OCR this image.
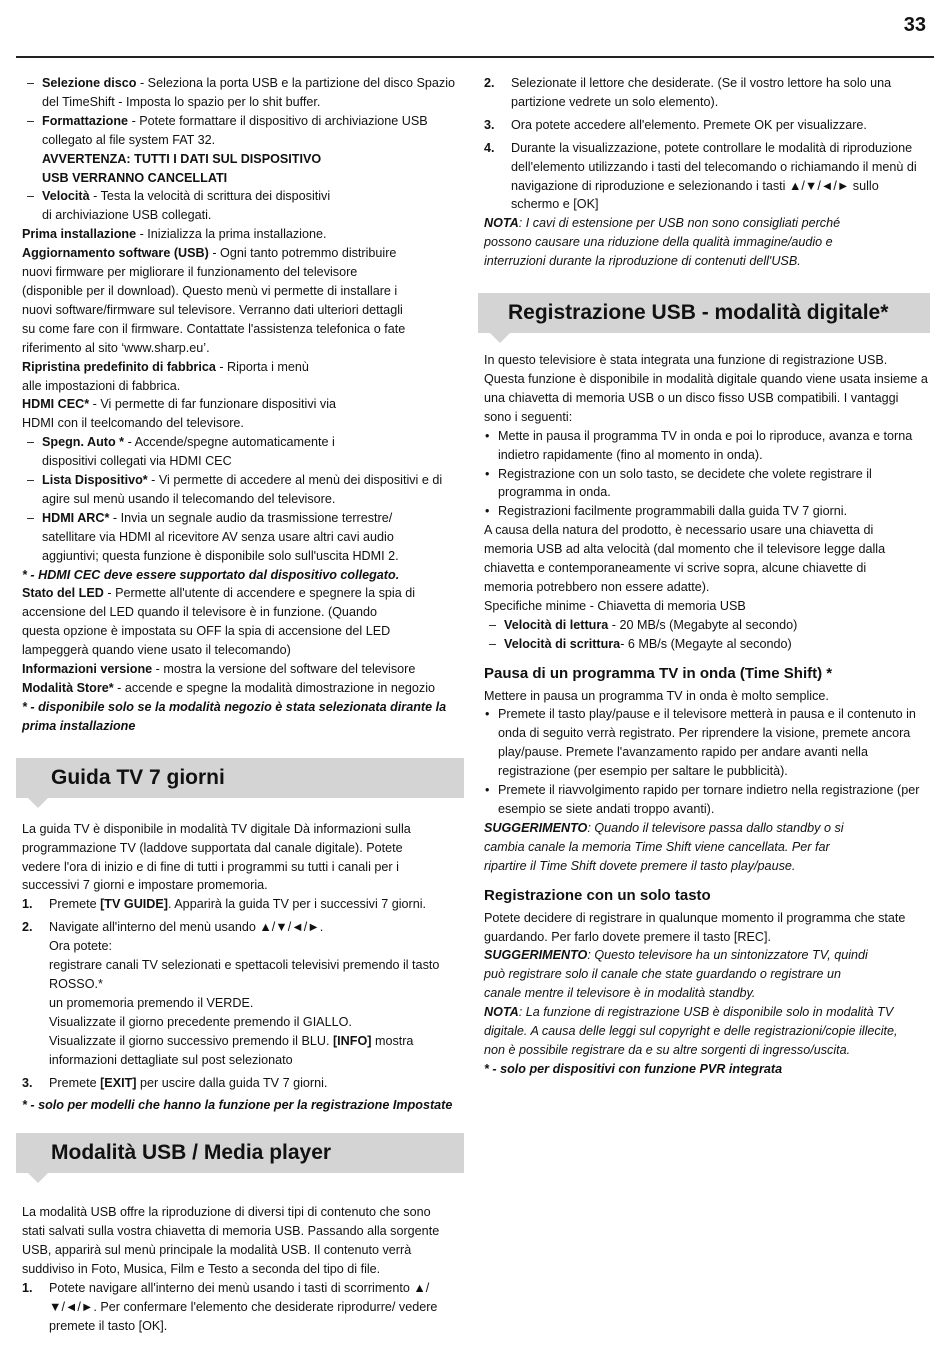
33

– Selezione disco - Seleziona la porta USB e la partizione del disco Spazio del TimeShift - Imposta lo spazio per lo shit buffer.

– Formattazione - Potete formattare il dispositivo di archiviazione USB collegato al file system FAT 32.
AVVERTENZA: TUTTI I DATI SUL DISPOSITIVO USB VERRANNO CANCELLATI

– Velocità - Testa la velocità di scrittura dei dispositivi di archiviazione USB collegati.

Prima installazione - Inizializza la prima installazione.

Aggiornamento software (USB) - Ogni tanto potremmo distribuire nuovi firmware per migliorare il funzionamento del televisore (disponible per il download). Questo menù vi permette di installare i nuovi software/firmware sul televisore. Verranno dati ulteriori dettagli su come fare con il firmware. Contattate l'assistenza telefonica o fate riferimento al sito ‘www.sharp.eu’.

Ripristina predefinito di fabbrica - Riporta i menù alle impostazioni di fabbrica.

HDMI CEC* - Vi permette di far funzionare dispositivi via HDMI con il teelcomando del televisore.

– Spegn. Auto * - Accende/spegne automaticamente i dispositivi collegati via HDMI CEC

– Lista Dispositivo* - Vi permette di accedere al menù dei dispositivi e di agire sul menù usando il telecomando del televisore.

– HDMI ARC* - Invia un segnale audio da trasmissione terrestre/ satellitare via HDMI al ricevitore AV senza usare altri cavi audio aggiuntivi; questa funzione è disponibile solo sull'uscita HDMI 2.

* - HDMI CEC deve essere supportato dal dispositivo collegato.

Stato del LED - Permette all'utente di accendere e spegnere la spia di accensione del LED quando il televisore è in funzione. (Quando questa opzione è impostata su OFF la spia di accensione del LED lampeggerà quando viene usato il telecomando)

Informazioni versione - mostra la versione del software del televisore

Modalità Store* - accende e spegne la modalità dimostrazione in negozio

* - disponibile solo se la modalità negozio è stata selezionata dirante la prima installazione

Guida TV 7 giorni

La guida TV è disponibile in modalità TV digitale Dà informazioni sulla programmazione TV (laddove supportata dal canale digitale). Potete vedere l'ora di inizio e di fine di tutti i programmi su tutti i canali per i successivi 7 giorni e impostare promemoria.

1. Premete [TV GUIDE]. Apparirà la guida TV per i successivi 7 giorni.

2. Navigate all'interno del menù usando ▲/▼/◄/►.

Ora potete:

registrare canali TV selezionati e spettacoli televisivi premendo il tasto ROSSO.*

un promemoria premendo il VERDE.

Visualizzate il giorno precedente premendo il GIALLO.

Visualizzate il giorno successivo premendo il BLU. [INFO] mostra informazioni dettagliate sul post selezionato

3. Premete [EXIT] per uscire dalla guida TV 7 giorni.

* - solo per modelli che hanno la funzione per la registrazione Impostate

Modalità USB / Media player

La modalità USB offre la riproduzione di diversi tipi di contenuto che sono stati salvati sulla vostra chiavetta di memoria USB. Passando alla sorgente USB, apparirà sul menù principale la modalità USB. Il contenuto verrà suddiviso in Foto, Musica, Film e Testo a seconda del tipo di file.

1. Potete navigare all'interno dei menù usando i tasti di scorrimento ▲/▼/◄/►. Per confermare l'elemento che desiderate riprodurre/ vedere premete il tasto [OK].

2. Selezionate il lettore che desiderate. (Se il vostro lettore ha solo una partizione vedrete un solo elemento).

3. Ora potete accedere all'elemento. Premete OK per visualizzare.

4. Durante la visualizzazione, potete controllare le modalità di riproduzione dell'elemento utilizzando i tasti del telecomando o richiamando il menù di navigazione di riproduzione e selezionando i tasti ▲/▼/◄/► sullo schermo e [OK]

NOTA: I cavi di estensione per USB non sono consigliati perché possono causare una riduzione della qualità immagine/audio e interruzioni durante la riproduzione di contenuti dell'USB.

Registrazione USB - modalità digitale*

In questo televisiore è stata integrata una funzione di registrazione USB. Questa funzione è disponibile in modalità digitale quando viene usata insieme a una chiavetta di memoria USB o un disco fisso USB compatibili. I vantaggi sono i seguenti:

• Mette in pausa il programma TV in onda e poi lo riproduce, avanza e torna indietro rapidamente (fino al momento in onda).

• Registrazione con un solo tasto, se decidete che volete registrare il programma in onda.

• Registrazioni facilmente programmabili dalla guida TV 7 giorni.

A causa della natura del prodotto, è necessario usare una chiavetta di memoria USB ad alta velocità (dal momento che il televisore legge dalla chiavetta e contemporaneamente vi scrive sopra, alcune chiavette di memoria potrebbero non essere adatte).

Specifiche minime - Chiavetta di memoria USB

– Velocità di lettura - 20 MB/s (Megabyte al secondo)

– Velocità di scrittura- 6 MB/s (Megayte al secondo)

Pausa di un programma TV in onda (Time Shift) *

Mettere in pausa un programma TV in onda è molto semplice.

• Premete il tasto play/pause e il televisore metterà in pausa e il contenuto in onda di seguito verrà registrato. Per riprendere la visione, premete ancora play/pause. Premete l'avanzamento rapido per andare avanti nella registrazione (per esempio per saltare le pubblicità).

• Premete il riavvolgimento rapido per tornare indietro nella registrazione (per esempio se siete andati troppo avanti).

SUGGERIMENTO: Quando il televisore passa dallo standby o si cambia canale la memoria Time Shift viene cancellata. Per far ripartire il Time Shift dovete premere il tasto play/pause.

Registrazione con un solo tasto

Potete decidere di registrare in qualunque momento il programma che state guardando. Per farlo dovete premere il tasto [REC].

SUGGERIMENTO: Questo televisore ha un sintonizzatore TV, quindi può registrare solo il canale che state guardando o registrare un canale mentre il televisore è in modalità standby.

NOTA: La funzione di registrazione USB è disponibile solo in modalità TV digitale. A causa delle leggi sul copyright e delle registrazioni/copie illecite, non è possibile registrare da e su altre sorgenti di ingresso/uscita.

* - solo per dispositivi con funzione PVR integrata
